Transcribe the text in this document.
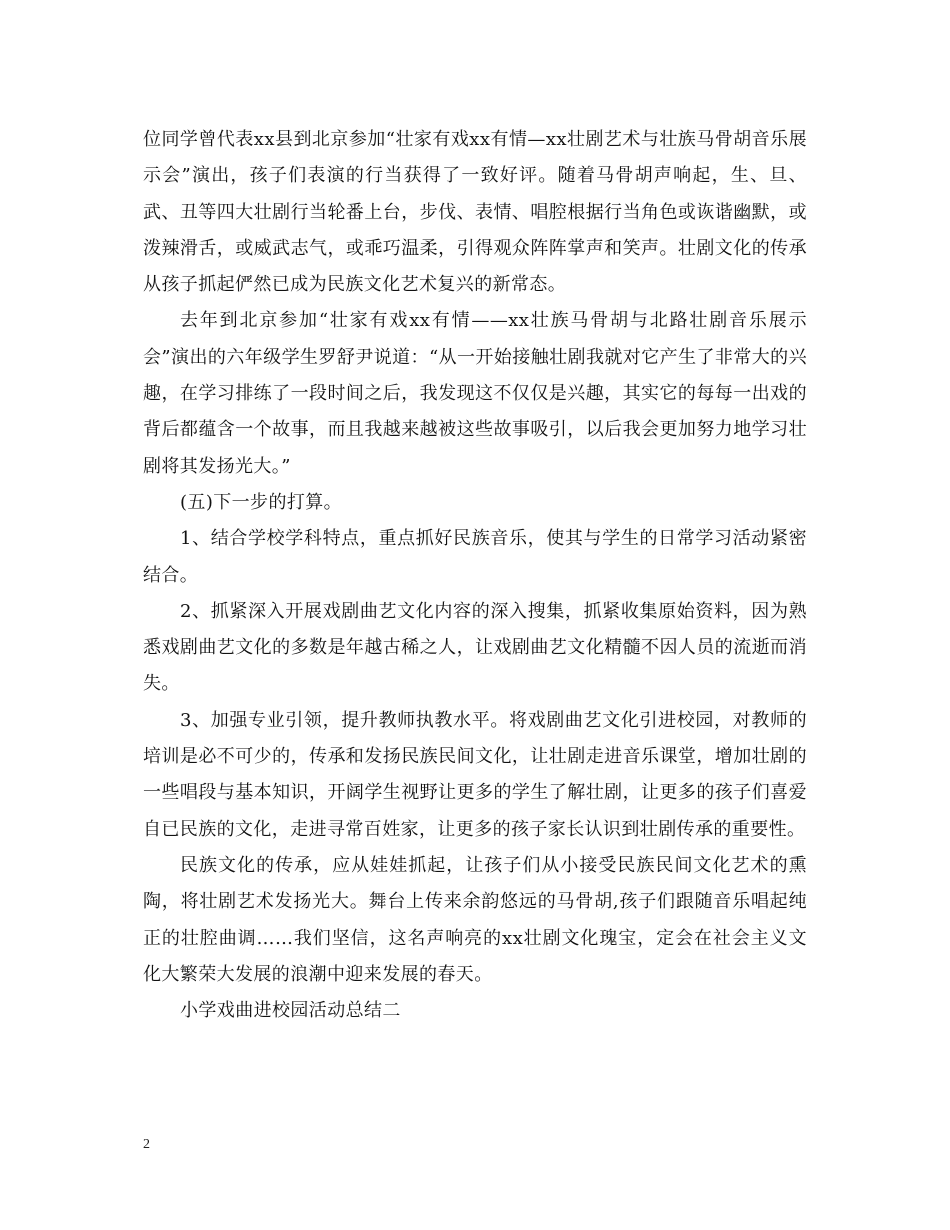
位同学曾代表xx县到北京参加“壮家有戏xx有情—xx壮剧艺术与壮族马骨胡音乐展示会”演出，孩子们表演的行当获得了一致好评。随着马骨胡声响起，生、旦、武、丑等四大壮剧行当轮番上台，步伐、表情、唱腔根据行当角色或诙谐幽默，或泼辣滑舌，或威武志气，或乖巧温柔，引得观众阵阵掌声和笑声。壮剧文化的传承从孩子抓起俨然已成为民族文化艺术复兴的新常态。

去年到北京参加“壮家有戏xx有情——xx壮族马骨胡与北路壮剧音乐展示会”演出的六年级学生罗舒尹说道：“从一开始接触壮剧我就对它产生了非常大的兴趣，在学习排练了一段时间之后，我发现这不仅仅是兴趣，其实它的每每一出戏的背后都蕴含一个故事，而且我越来越被这些故事吸引，以后我会更加努力地学习壮剧将其发扬光大。”

(五)下一步的打算。

1、结合学校学科特点，重点抓好民族音乐，使其与学生的日常学习活动紧密结合。

2、抓紧深入开展戏剧曲艺文化内容的深入搜集，抓紧收集原始资料，因为熟悉戏剧曲艺文化的多数是年越古稀之人，让戏剧曲艺文化精髓不因人员的流逝而消失。

3、加强专业引领，提升教师执教水平。将戏剧曲艺文化引进校园，对教师的培训是必不可少的，传承和发扬民族民间文化，让壮剧走进音乐课堂，增加壮剧的一些唱段与基本知识，开阔学生视野让更多的学生了解壮剧，让更多的孩子们喜爱自已民族的文化，走进寻常百姓家，让更多的孩子家长认识到壮剧传承的重要性。

民族文化的传承，应从娃娃抓起，让孩子们从小接受民族民间文化艺术的熏陶，将壮剧艺术发扬光大。舞台上传来余韵悠远的马骨胡,孩子们跟随音乐唱起纯正的壮腔曲调……我们坚信，这名声响亮的xx壮剧文化瑰宝，定会在社会主义文化大繁荣大发展的浪潮中迎来发展的春天。

小学戏曲进校园活动总结二

2
